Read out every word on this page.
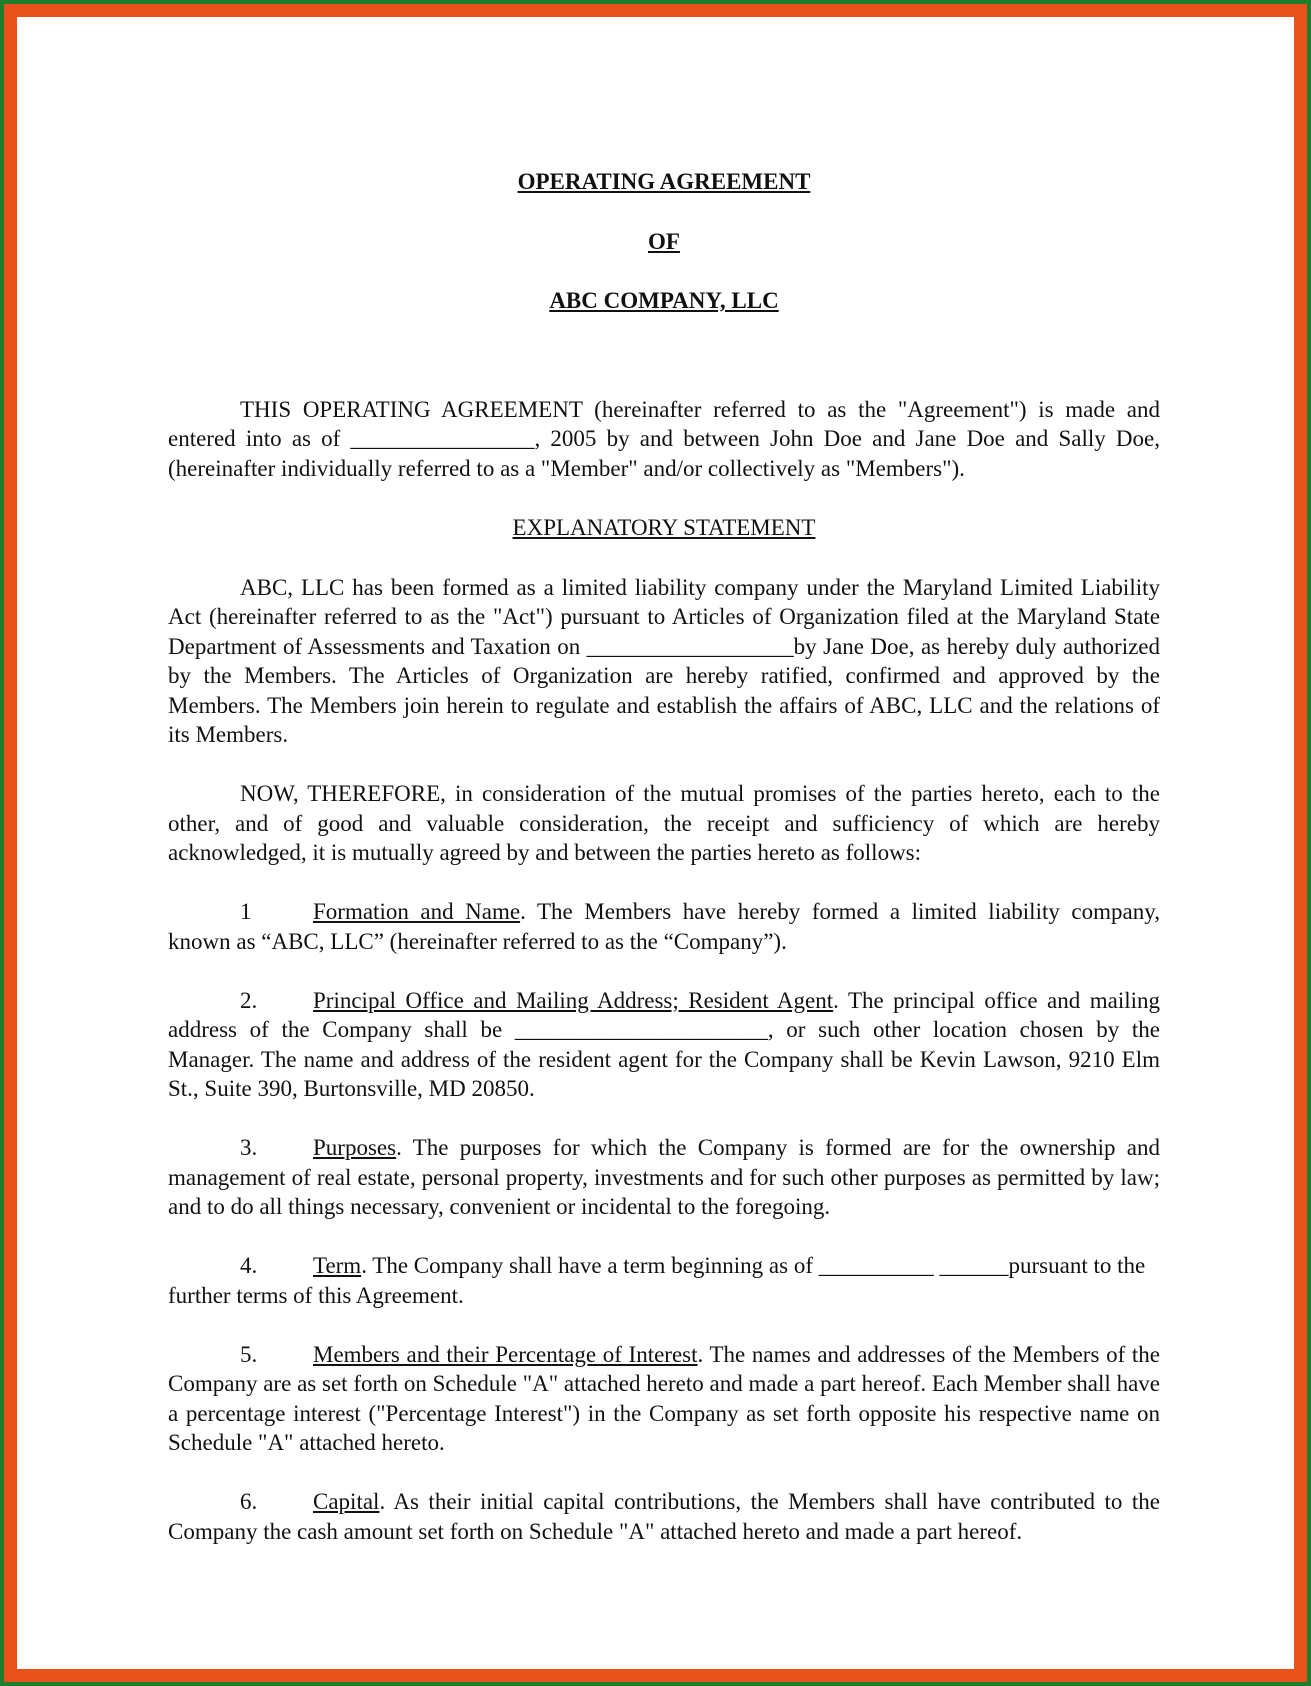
OPERATING AGREEMENT
OF
ABC COMPANY, LLC

THIS OPERATING AGREEMENT (hereinafter referred to as the "Agreement") is made and entered into as of ________________, 2005 by and between John Doe and Jane Doe and Sally Doe, (hereinafter individually referred to as a "Member" and/or collectively as "Members").

EXPLANATORY STATEMENT

ABC, LLC has been formed as a limited liability company under the Maryland Limited Liability Act (hereinafter referred to as the "Act") pursuant to Articles of Organization filed at the Maryland State Department of Assessments and Taxation on __________________by Jane Doe, as hereby duly authorized by the Members. The Articles of Organization are hereby ratified, confirmed and approved by the Members. The Members join herein to regulate and establish the affairs of ABC, LLC and the relations of its Members.

NOW, THEREFORE, in consideration of the mutual promises of the parties hereto, each to the other, and of good and valuable consideration, the receipt and sufficiency of which are hereby acknowledged, it is mutually agreed by and between the parties hereto as follows:

1	Formation and Name. The Members have hereby formed a limited liability company, known as “ABC, LLC” (hereinafter referred to as the “Company”).

2. Principal Office and Mailing Address; Resident Agent. The principal office and mailing address of the Company shall be ______________________, or such other location chosen by the Manager. The name and address of the resident agent for the Company shall be Kevin Lawson, 9210 Elm St., Suite 390, Burtonsville, MD 20850.

3. Purposes. The purposes for which the Company is formed are for the ownership and management of real estate, personal property, investments and for such other purposes as permitted by law; and to do all things necessary, convenient or incidental to the foregoing.

4. Term. The Company shall have a term beginning as of __________ ______pursuant to the further terms of this Agreement.

5. Members and their Percentage of Interest. The names and addresses of the Members of the Company are as set forth on Schedule "A" attached hereto and made a part hereof. Each Member shall have a percentage interest ("Percentage Interest") in the Company as set forth opposite his respective name on Schedule "A" attached hereto.

6. Capital. As their initial capital contributions, the Members shall have contributed to the Company the cash amount set forth on Schedule "A" attached hereto and made a part hereof.
